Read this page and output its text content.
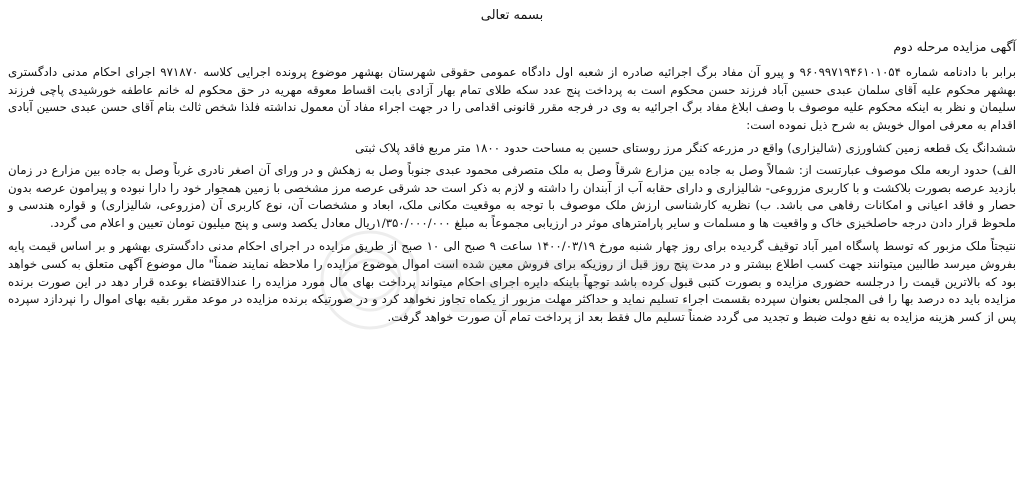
بسمه تعالی
آگهی مزایده مرحله دوم

برابر با دادنامه شماره ۹۶۰۹۹۷۱۹۴۶۱۰۱۰۵۴ و پیرو آن مفاد برگ اجرائیه صادره از شعبه اول دادگاه عمومی حقوقی شهرستان بهشهر موضوع پرونده اجرایی کلاسه ۹۷۱۸۷۰ اجرای احکام مدنی دادگستری بهشهر محکوم علیه آقای سلمان عبدی حسین آباد فرزند حسن محکوم است به پرداخت پنج عدد سکه طلای تمام بهار آزادی بابت اقساط معوقه مهریه در حق محکوم له خانم عاطفه خورشیدی پاچی فرزند سلیمان و نظر به اینکه محکوم علیه موصوف با وصف ابلاغ مفاد برگ اجرائیه به وی در فرجه مقرر قانونی اقدامی را در جهت اجراء مفاد آن معمول نداشته فلذا شخص ثالث بنام آقای حسن عبدی حسین آبادی اقدام به معرفی اموال خویش به شرح ذیل نموده است:

ششدانگ یک قطعه زمین کشاورزی (شالیزاری) واقع در مزرعه کنگر مرز روستای حسین به مساحت حدود ۱۸۰۰ متر مربع فاقد پلاک ثبتی

الف) حدود اربعه ملک موصوف عبارتست از: شمالاً وصل به جاده بین مزارع شرقاً وصل به ملک متصرفی محمود عبدی جنوباً وصل به زهکش و در ورای آن اصغر نادری غرباً وصل به جاده بین مزارع در زمان بازدید عرصه بصورت بلاکشت و با کاربری مزروعی- شالیزاری و دارای حقابه آب از آبندان را داشته و لازم به ذکر است حد شرقی عرصه مرز مشخصی با زمین همجوار خود را دارا نبوده و پیرامون عرصه بدون حصار و فاقد اعیانی و امکانات رفاهی می باشد. ب) نظریه کارشناسی ارزش ملک موصوف با توجه به موقعیت مکانی ملک، ابعاد و مشخصات آن، نوع کاربری آن (مزروعی، شالیزاری) و قواره هندسی و ملحوظ قرار دادن درجه حاصلخیزی خاک و واقعیت ها و مسلمات و سایر پارامترهای موثر در ارزیابی مجموعاً به مبلغ ۱/۳۵۰/۰۰۰/۰۰۰ریال معادل یکصد وسی و پنج میلیون تومان تعیین و اعلام می گردد.

نتیجتاً ملک مزبور که توسط پاسگاه امیر آباد توقیف گردیده برای روز چهار شنبه مورخ ۱۴۰۰/۰۳/۱۹ ساعت ۹ صبح الی ۱۰ صبح از طریق مزایده در اجرای احکام مدنی دادگستری بهشهر و بر اساس قیمت پایه بفروش میرسد طالبین میتوانند جهت کسب اطلاع بیشتر و در مدت پنج روز قبل از روزیکه برای فروش معین شده است اموال موضوع مزایده را ملاحظه نمایند ضمناً" مال موضوع آگهی متعلق به کسی خواهد بود که بالاترین قیمت را درجلسه حضوری مزایده و بصورت کتبی قبول کرده باشد توجهاً باینکه دایره اجرای احکام میتواند پرداخت بهای مال مورد مزایده را عندالاقتضاء بوعده قرار دهد در این صورت برنده مزایده باید ده درصد بها را فی المجلس بعنوان سپرده بقسمت اجراء تسلیم نماید و حداکثر مهلت مزبور از یکماه تجاوز نخواهد کرد و در صورتیکه برنده مزایده در موعد مقرر بقیه بهای اموال را نپردازد سپرده پس از کسر هزینه مزایده به نفع دولت ضبط و تجدید می گردد ضمناً تسلیم مال فقط بعد از پرداخت تمام آن صورت خواهد گرفت.
